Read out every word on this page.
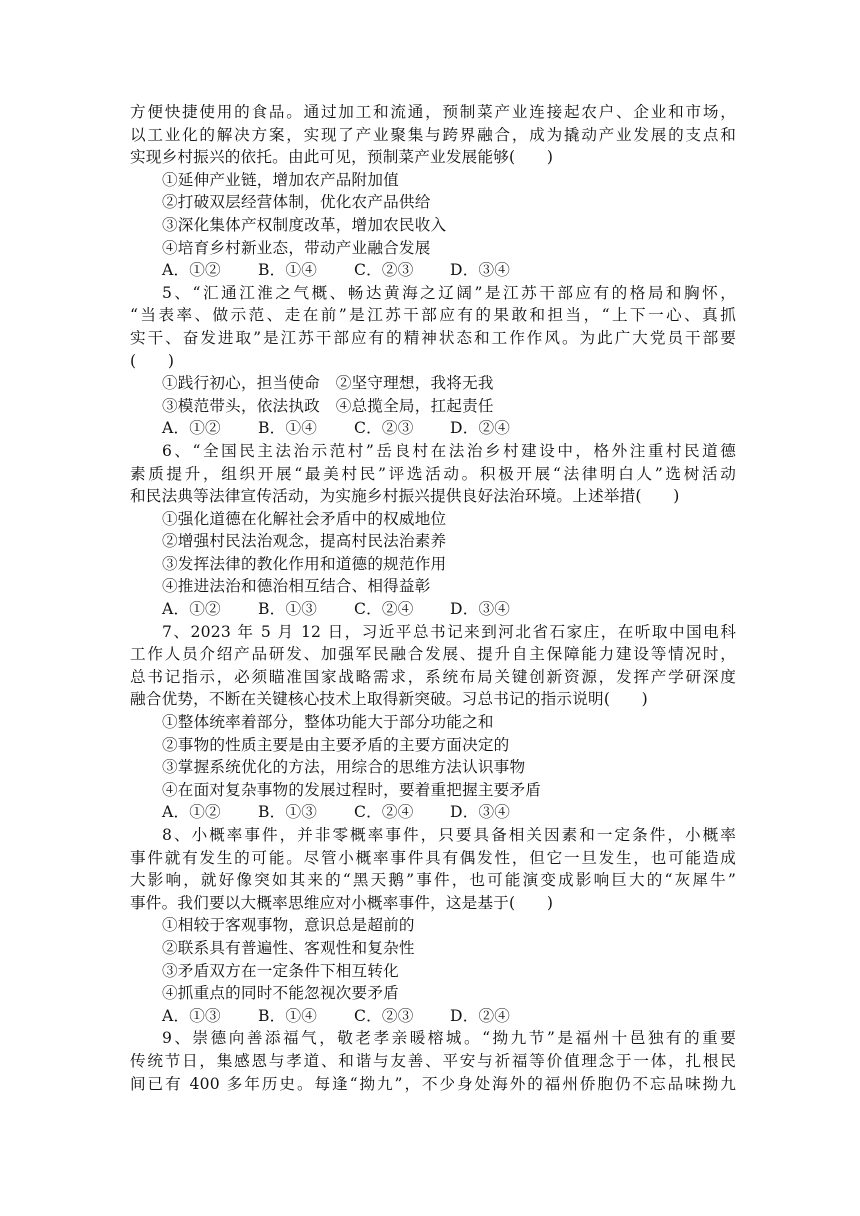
方便快捷使用的食品。通过加工和流通，预制菜产业连接起农户、企业和市场，
以工业化的解决方案，实现了产业聚集与跨界融合，成为撬动产业发展的支点和
实现乡村振兴的依托。由此可见，预制菜产业发展能够(　　)
①延伸产业链，增加农产品附加值
②打破双层经营体制，优化农产品供给
③深化集体产权制度改革，增加农民收入
④培育乡村新业态，带动产业融合发展
A．①②	B．①④	C．②③	D．③④
5、“汇通江淮之气概、畅达黄海之辽阔”是江苏干部应有的格局和胸怀，
“当表率、做示范、走在前”是江苏干部应有的果敢和担当，“上下一心、真抓
实干、奋发进取”是江苏干部应有的精神状态和工作作风。为此广大党员干部要
(　　)
①践行初心，担当使命　②坚守理想，我将无我
③模范带头，依法执政　④总揽全局，扛起责任
A．①②	B．①④	C．②③	D．②④
6、“全国民主法治示范村”岳良村在法治乡村建设中，格外注重村民道德
素质提升，组织开展“最美村民”评选活动。积极开展“法律明白人”选树活动
和民法典等法律宣传活动，为实施乡村振兴提供良好法治环境。上述举措(　　)
①强化道德在化解社会矛盾中的权威地位
②增强村民法治观念，提高村民法治素养
③发挥法律的教化作用和道德的规范作用
④推进法治和德治相互结合、相得益彰
A．①②	B．①③	C．②④	D．③④
7、2023 年 5 月 12 日，习近平总书记来到河北省石家庄，在听取中国电科
工作人员介绍产品研发、加强军民融合发展、提升自主保障能力建设等情况时，
总书记指示，必须瞄准国家战略需求，系统布局关键创新资源，发挥产学研深度
融合优势，不断在关键核心技术上取得新突破。习总书记的指示说明(　　)
①整体统率着部分，整体功能大于部分功能之和
②事物的性质主要是由主要矛盾的主要方面决定的
③掌握系统优化的方法，用综合的思维方法认识事物
④在面对复杂事物的发展过程时，要着重把握主要矛盾
A．①②	B．①③	C．②④	D．③④
8、小概率事件，并非零概率事件，只要具备相关因素和一定条件，小概率
事件就有发生的可能。尽管小概率事件具有偶发性，但它一旦发生，也可能造成
大影响，就好像突如其来的“黑天鹅”事件，也可能演变成影响巨大的“灰犀牛”
事件。我们要以大概率思维应对小概率事件，这是基于(　　)
①相较于客观事物，意识总是超前的
②联系具有普遍性、客观性和复杂性
③矛盾双方在一定条件下相互转化
④抓重点的同时不能忽视次要矛盾
A．①③	B．①④	C．②③	D．②④
9、崇德向善添福气，敬老孝亲暖榕城。“拗九节”是福州十邑独有的重要
传统节日，集感恩与孝道、和谐与友善、平安与祈福等价值理念于一体，扎根民
间已有 400 多年历史。每逢“拗九”，不少身处海外的福州侨胞仍不忘品味拗九
